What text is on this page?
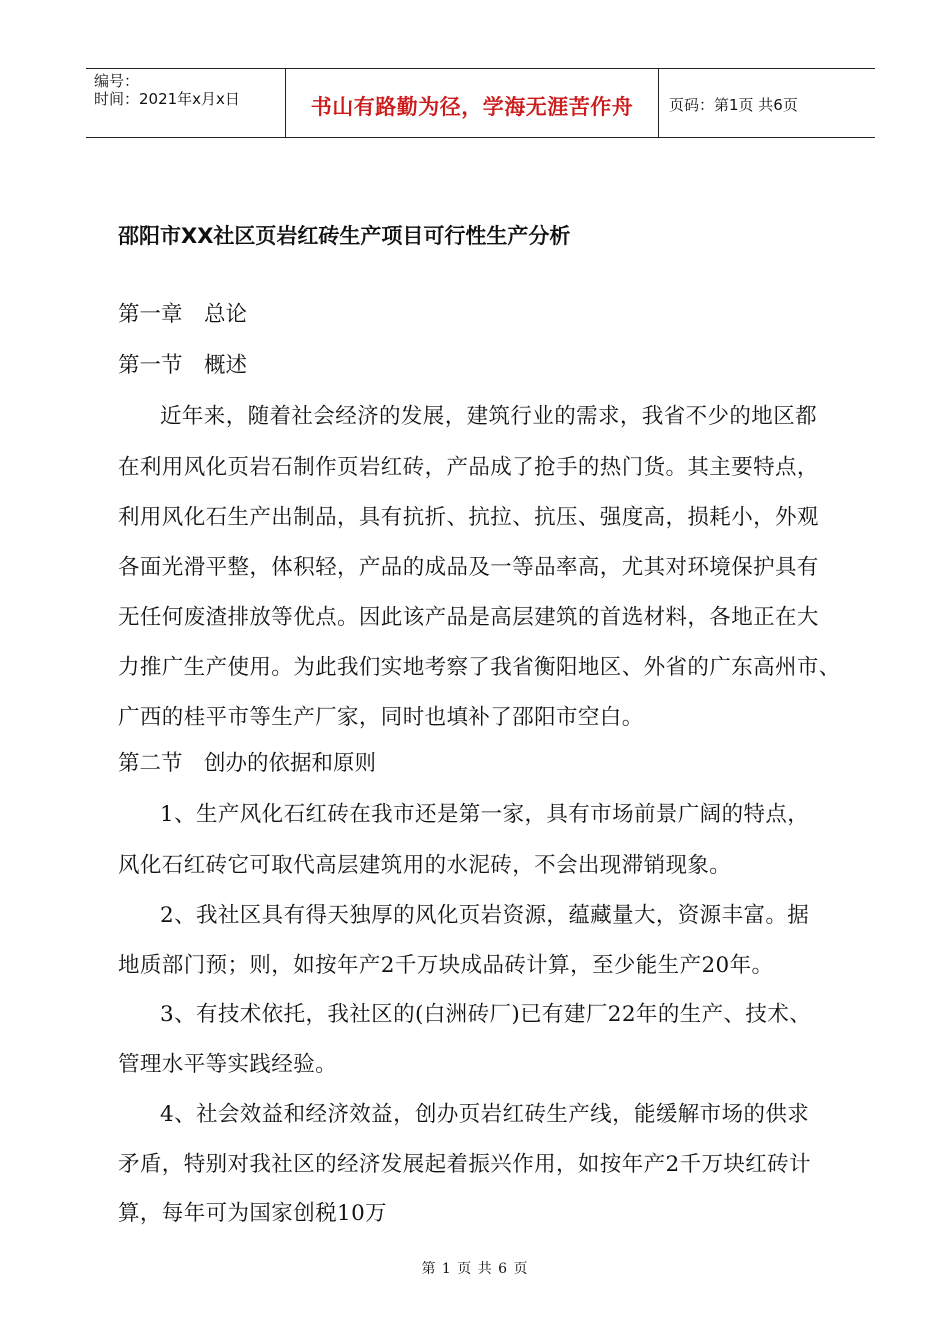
编号：
时间：2021年x月x日	书山有路勤为径，学海无涯苦作舟	页码：第1页 共6页
邵阳市XX社区页岩红砖生产项目可行性生产分析
第一章　总论
第一节　概述
近年来，随着社会经济的发展，建筑行业的需求，我省不少的地区都
在利用风化页岩石制作页岩红砖，产品成了抢手的热门货。其主要特点，
利用风化石生产出制品，具有抗折、抗拉、抗压、强度高，损耗小，外观
各面光滑平整，体积轻，产品的成品及一等品率高，尤其对环境保护具有
无任何废渣排放等优点。因此该产品是高层建筑的首选材料，各地正在大
力推广生产使用。为此我们实地考察了我省衡阳地区、外省的广东高州市、
广西的桂平市等生产厂家，同时也填补了邵阳市空白。
第二节　创办的依据和原则
1、生产风化石红砖在我市还是第一家，具有市场前景广阔的特点，
风化石红砖它可取代高层建筑用的水泥砖，不会出现滞销现象。
2、我社区具有得天独厚的风化页岩资源，蕴藏量大，资源丰富。据
地质部门预；则，如按年产2千万块成品砖计算，至少能生产20年。
3、有技术依托，我社区的(白洲砖厂)已有建厂22年的生产、技术、
管理水平等实践经验。
4、社会效益和经济效益，创办页岩红砖生产线，能缓解市场的供求
矛盾，特别对我社区的经济发展起着振兴作用，如按年产2千万块红砖计
算，每年可为国家创税10万
第 1 页 共 6 页
